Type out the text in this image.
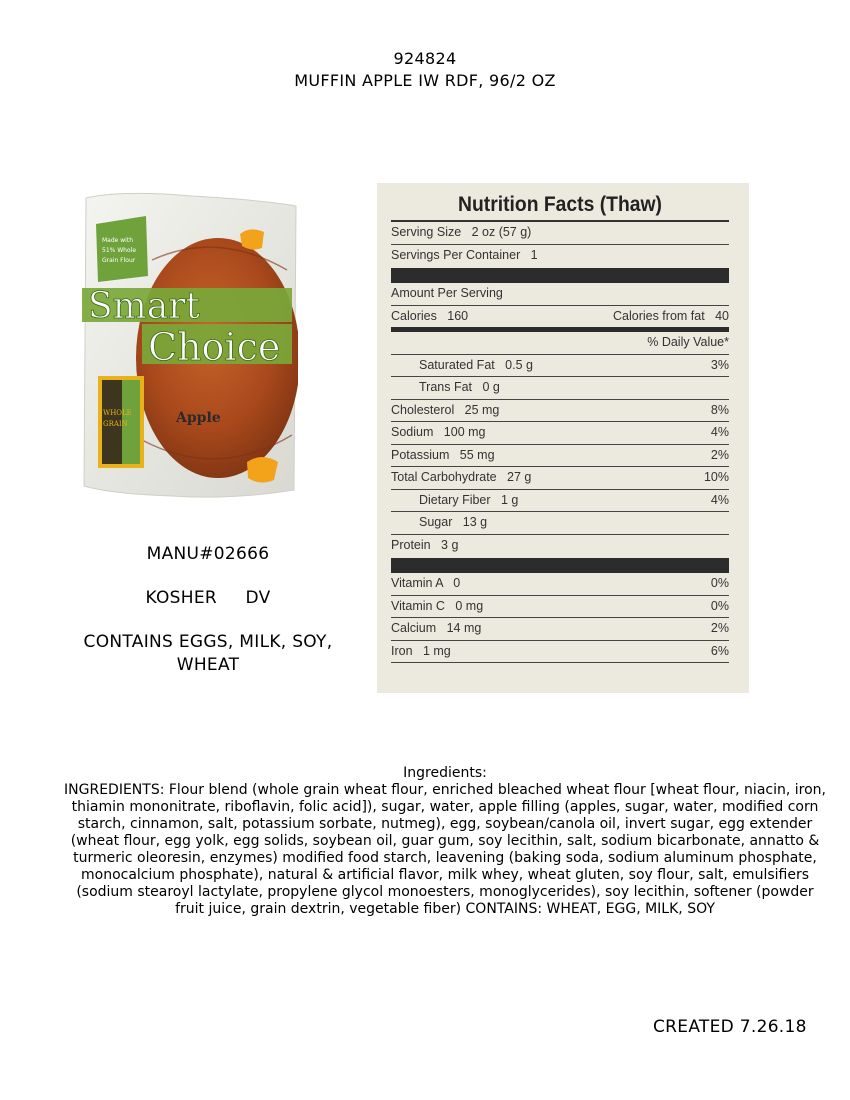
924824
MUFFIN APPLE IW RDF, 96/2 OZ
Smart
Choice
Made with
51% Whole
Grain Flour
WHOLE
GRAIN	Apple
MANU#02666
KOSHER DV
CONTAINS EGGS, MILK, SOY, WHEAT
Nutrition Facts (Thaw)
Serving Size   2 oz (57 g)
Servings Per Container   1
Amount Per Serving
Calories   160	Calories from fat   40
% Daily Value*
Saturated Fat   0.5 g	3%
Trans Fat   0 g
Cholesterol   25 mg	8%
Sodium   100 mg	4%
Potassium   55 mg	2%
Total Carbohydrate   27 g	10%
Dietary Fiber   1 g	4%
Sugar   13 g
Protein   3 g
Vitamin A   0	0%
Vitamin C   0 mg	0%
Calcium   14 mg	2%
Iron   1 mg	6%
Ingredients:
INGREDIENTS: Flour blend (whole grain wheat flour, enriched bleached wheat flour [wheat flour, niacin, iron, thiamin mononitrate, riboflavin, folic acid]), sugar, water, apple filling (apples, sugar, water, modified corn starch, cinnamon, salt, potassium sorbate, nutmeg), egg, soybean/canola oil, invert sugar, egg extender (wheat flour, egg yolk, egg solids, soybean oil, guar gum, soy lecithin, salt, sodium bicarbonate, annatto & turmeric oleoresin, enzymes) modified food starch, leavening (baking soda, sodium aluminum phosphate, monocalcium phosphate), natural & artificial flavor, milk whey, wheat gluten, soy flour, salt, emulsifiers (sodium stearoyl lactylate, propylene glycol monoesters, monoglycerides), soy lecithin, softener (powder fruit juice, grain dextrin, vegetable fiber) CONTAINS: WHEAT, EGG, MILK, SOY
CREATED 7.26.18
